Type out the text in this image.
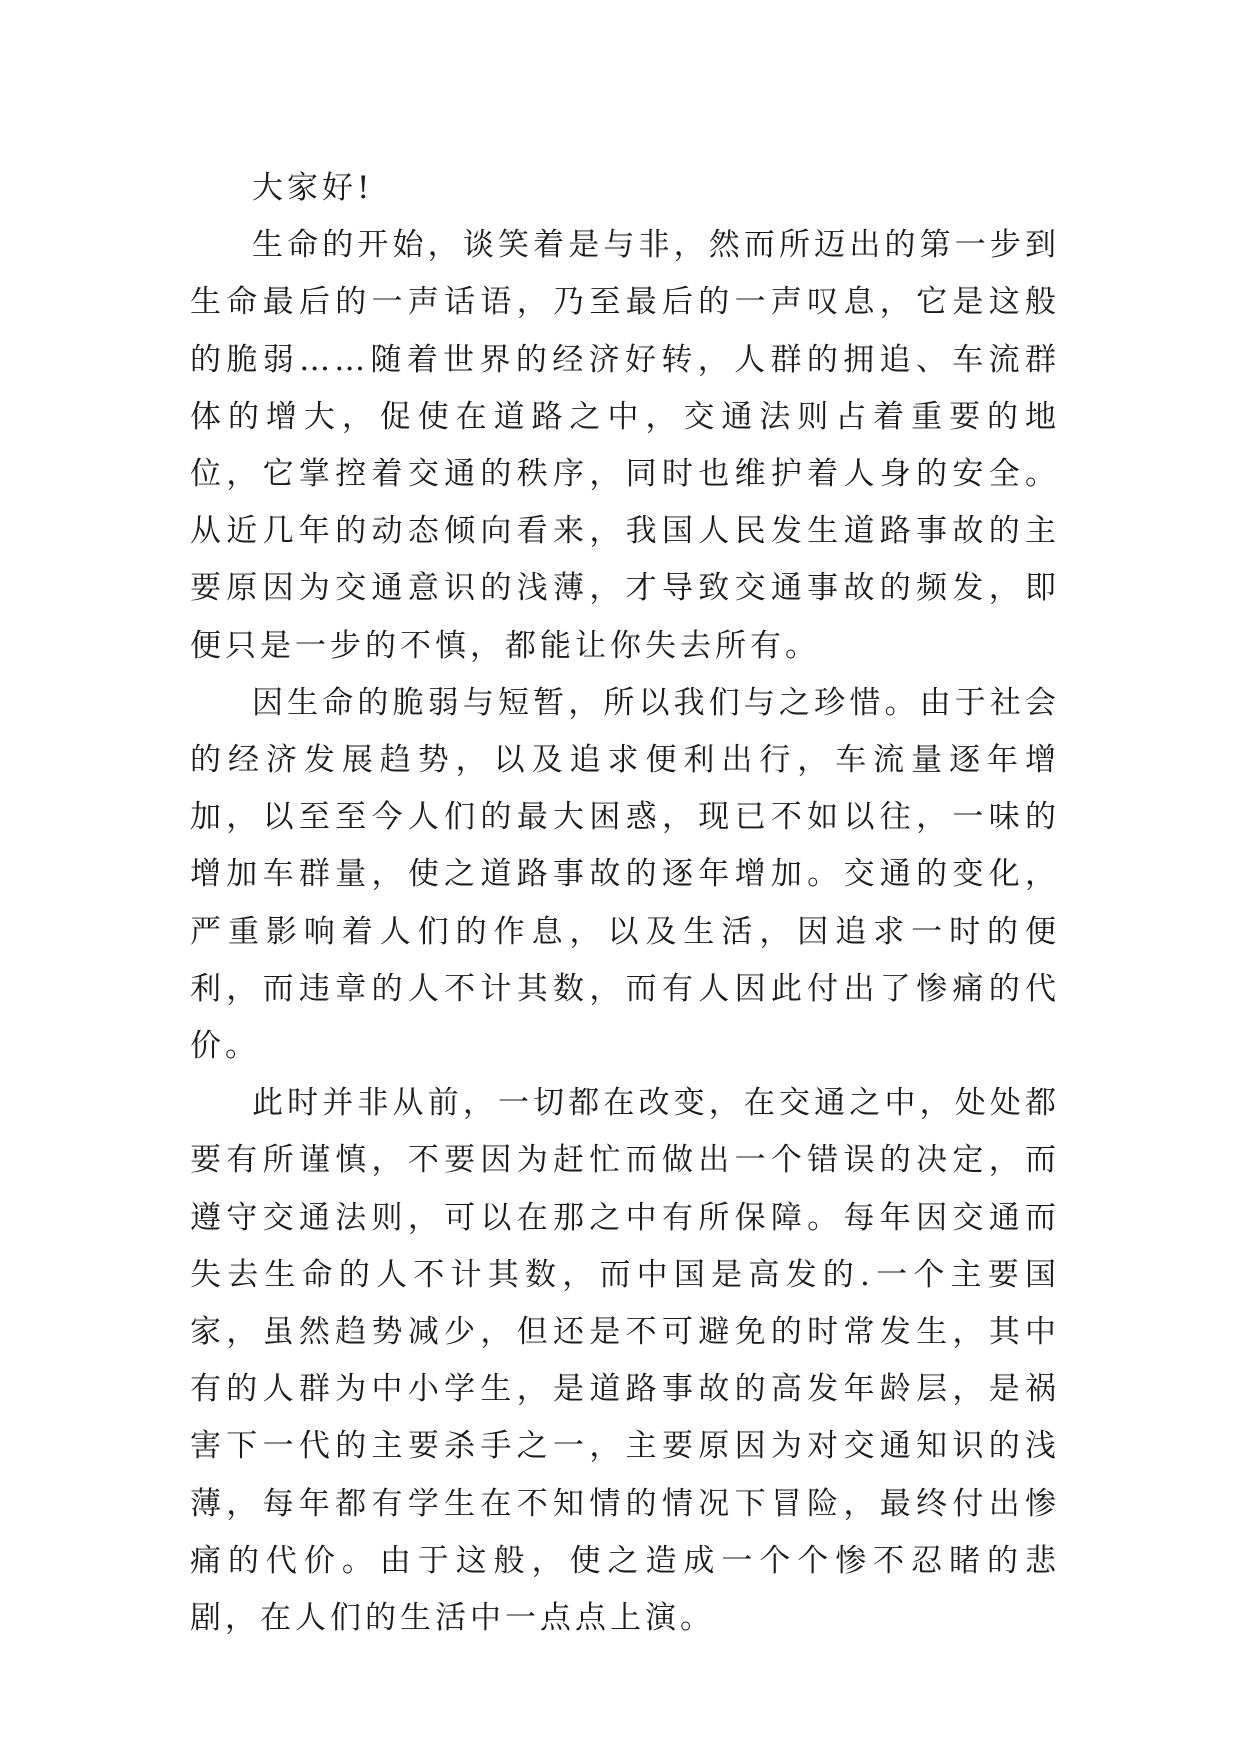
大家好!

生命的开始，谈笑着是与非，然而所迈出的第一步到生命最后的一声话语，乃至最后的一声叹息，它是这般的脆弱……随着世界的经济好转，人群的拥追、车流群体的增大，促使在道路之中，交通法则占着重要的地位，它掌控着交通的秩序，同时也维护着人身的安全。从近几年的动态倾向看来，我国人民发生道路事故的主要原因为交通意识的浅薄，才导致交通事故的频发，即便只是一步的不慎，都能让你失去所有。

因生命的脆弱与短暂，所以我们与之珍惜。由于社会的经济发展趋势，以及追求便利出行，车流量逐年增加，以至至今人们的最大困惑，现已不如以往，一味的增加车群量，使之道路事故的逐年增加。交通的变化，严重影响着人们的作息，以及生活，因追求一时的便利，而违章的人不计其数，而有人因此付出了惨痛的代价。

此时并非从前，一切都在改变，在交通之中，处处都要有所谨慎，不要因为赶忙而做出一个错误的决定，而遵守交通法则，可以在那之中有所保障。每年因交通而失去生命的人不计其数，而中国是高发的.一个主要国家，虽然趋势减少，但还是不可避免的时常发生，其中有的人群为中小学生，是道路事故的高发年龄层，是祸害下一代的主要杀手之一，主要原因为对交通知识的浅薄，每年都有学生在不知情的情况下冒险，最终付出惨痛的代价。由于这般，使之造成一个个惨不忍睹的悲剧，在人们的生活中一点点上演。
